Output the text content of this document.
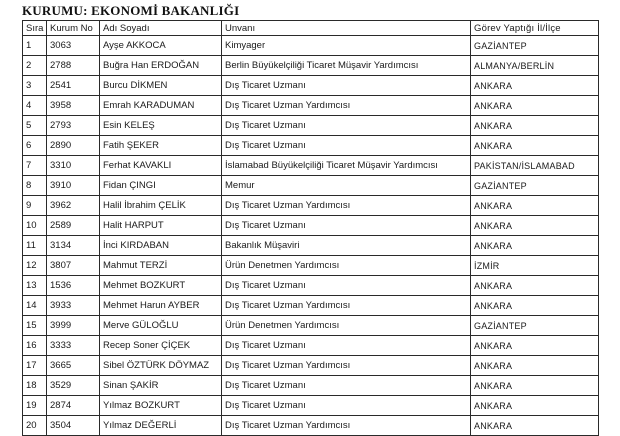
KURUMU: EKONOMİ BAKANLIĞI
Sıra	Kurum No	Adı Soyadı	Unvanı	Görev Yaptığı İl/İlçe
1	3063	Ayşe AKKOCA	Kimyager	GAZİANTEP
2	2788	Buğra Han ERDOĞAN	Berlin Büyükelçiliği Ticaret Müşavir Yardımcısı	ALMANYA/BERLİN
3	2541	Burcu DİKMEN	Dış Ticaret Uzmanı	ANKARA
4	3958	Emrah KARADUMAN	Dış Ticaret Uzman Yardımcısı	ANKARA
5	2793	Esin KELEŞ	Dış Ticaret Uzmanı	ANKARA
6	2890	Fatih ŞEKER	Dış Ticaret Uzmanı	ANKARA
7	3310	Ferhat KAVAKLI	İslamabad Büyükelçiliği Ticaret Müşavir Yardımcısı	PAKİSTAN/İSLAMABAD
8	3910	Fidan ÇINGI	Memur	GAZİANTEP
9	3962	Halil İbrahim ÇELİK	Dış Ticaret Uzman Yardımcısı	ANKARA
10	2589	Halit HARPUT	Dış Ticaret Uzmanı	ANKARA
11	3134	İnci KIRDABAN	Bakanlık Müşaviri	ANKARA
12	3807	Mahmut TERZİ	Ürün Denetmen Yardımcısı	İZMİR
13	1536	Mehmet BOZKURT	Dış Ticaret Uzmanı	ANKARA
14	3933	Mehmet Harun AYBER	Dış Ticaret Uzman Yardımcısı	ANKARA
15	3999	Merve GÜLOĞLU	Ürün Denetmen Yardımcısı	GAZİANTEP
16	3333	Recep Soner ÇİÇEK	Dış Ticaret Uzmanı	ANKARA
17	3665	Sibel ÖZTÜRK DÖYMAZ	Dış Ticaret Uzman Yardımcısı	ANKARA
18	3529	Sinan ŞAKİR	Dış Ticaret Uzmanı	ANKARA
19	2874	Yılmaz BOZKURT	Dış Ticaret Uzmanı	ANKARA
20	3504	Yılmaz DEĞERLİ	Dış Ticaret Uzman Yardımcısı	ANKARA
